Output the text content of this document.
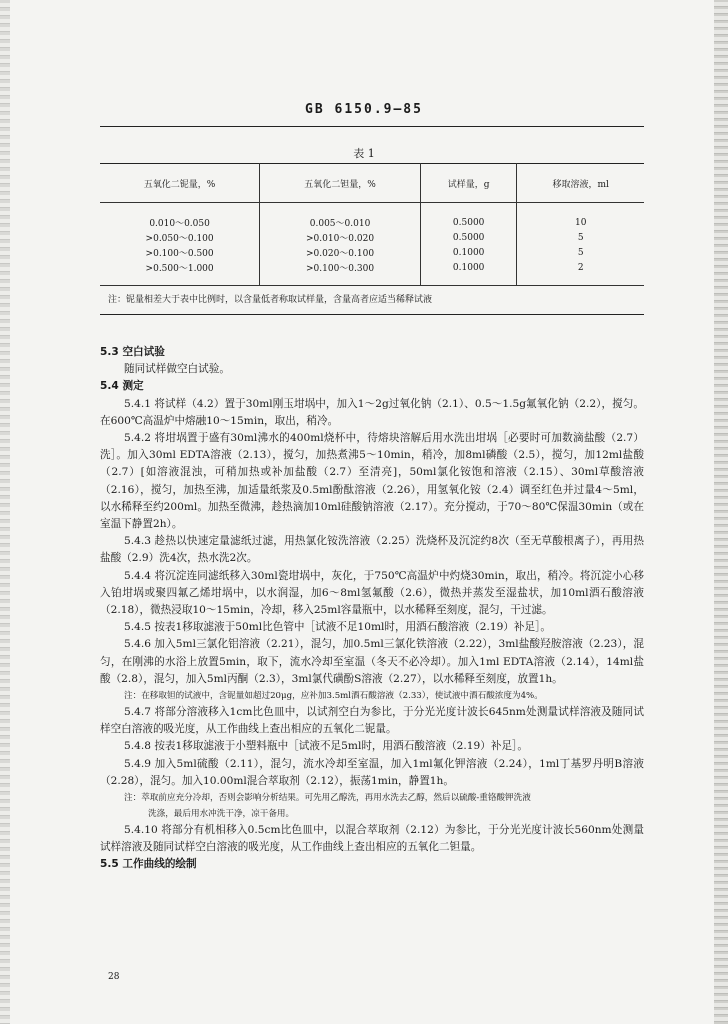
GB 6150.9—85
表 1
五氧化二铌量，%	五氧化二钽量，%	试样量，g	移取溶液，ml
0.010～0.050	0.005～0.010	0.5000	10
>0.050～0.100	>0.010～0.020	0.5000	5
>0.100～0.500	>0.020～0.100	0.1000	5
>0.500～1.000	>0.100～0.300	0.1000	2
注：铌量相差大于表中比例时，以含量低者称取试样量，含量高者应适当稀释试液			

5.3 空白试验

随同试样做空白试验。

5.4 测定

5.4.1 将试样（4.2）置于30ml刚玉坩埚中，加入1～2g过氧化钠（2.1）、0.5～1.5g氟氧化钠（2.2），搅匀。在600℃高温炉中熔融10～15min，取出，稍冷。

5.4.2 将坩埚置于盛有30ml沸水的400ml烧杯中，待熔块溶解后用水洗出坩埚［必要时可加数滴盐酸（2.7）洗］。加入30ml EDTA溶液（2.13），搅匀，加热煮沸5～10min，稍冷，加8ml磷酸（2.5），搅匀，加12ml盐酸（2.7）[如溶液混浊，可稍加热或补加盐酸（2.7）至清亮]，50ml氯化铵饱和溶液（2.15）、30ml草酸溶液（2.16），搅匀，加热至沸，加适量纸浆及0.5ml酚酞溶液（2.26），用氢氧化铵（2.4）调至红色并过量4～5ml，以水稀释至约200ml。加热至微沸，趁热滴加10ml硅酸钠溶液（2.17）。充分搅动，于70～80℃保温30min（或在室温下静置2h）。

5.4.3 趁热以快速定量滤纸过滤，用热氯化铵洗溶液（2.25）洗烧杯及沉淀约8次（至无草酸根离子），再用热盐酸（2.9）洗4次，热水洗2次。

5.4.4 将沉淀连同滤纸移入30ml瓷坩埚中，灰化，于750℃高温炉中灼烧30min，取出，稍冷。将沉淀小心移入铂坩埚或聚四氟乙烯坩埚中，以水润湿，加6～8ml氢氟酸（2.6），微热并蒸发至湿盐状，加10ml酒石酸溶液（2.18），微热浸取10～15min，冷却，移入25ml容量瓶中，以水稀释至刻度，混匀，干过滤。

5.4.5 按表1移取滤液于50ml比色管中［试液不足10ml时，用酒石酸溶液（2.19）补足］。

5.4.6 加入5ml三氯化铝溶液（2.21），混匀，加0.5ml三氯化铁溶液（2.22），3ml盐酸羟胺溶液（2.23），混匀，在刚沸的水浴上放置5min，取下，流水冷却至室温（冬天不必冷却）。加入1ml EDTA溶液（2.14），14ml盐酸（2.8），混匀，加入5ml丙酮（2.3），3ml氯代磺酚S溶液（2.27），以水稀释至刻度，放置1h。

注：在移取钽的试液中，含铌量如超过20μg，应补加3.5ml酒石酸溶液（2.33），使试液中酒石酸浓度为4%。

5.4.7 将部分溶液移入1cm比色皿中，以试剂空白为参比，于分光光度计波长645nm处测量试样溶液及随同试样空白溶液的吸光度，从工作曲线上查出相应的五氧化二铌量。

5.4.8 按表1移取滤液于小塑料瓶中［试液不足5ml时，用酒石酸溶液（2.19）补足］。

5.4.9 加入5ml硫酸（2.11），混匀，流水冷却至室温，加入1ml氟化钾溶液（2.24），1ml丁基罗丹明B溶液（2.28），混匀。加入10.00ml混合萃取剂（2.12），振荡1min，静置1h。

注：萃取前应充分冷却，否则会影响分析结果。可先用乙醇洗，再用水洗去乙醇，然后以硫酸-重铬酸钾洗液

洗涤，最后用水冲洗干净，凉干备用。

5.4.10 将部分有机相移入0.5cm比色皿中，以混合萃取剂（2.12）为参比，于分光光度计波长560nm处测量试样溶液及随同试样空白溶液的吸光度，从工作曲线上查出相应的五氧化二钽量。

5.5 工作曲线的绘制

28
